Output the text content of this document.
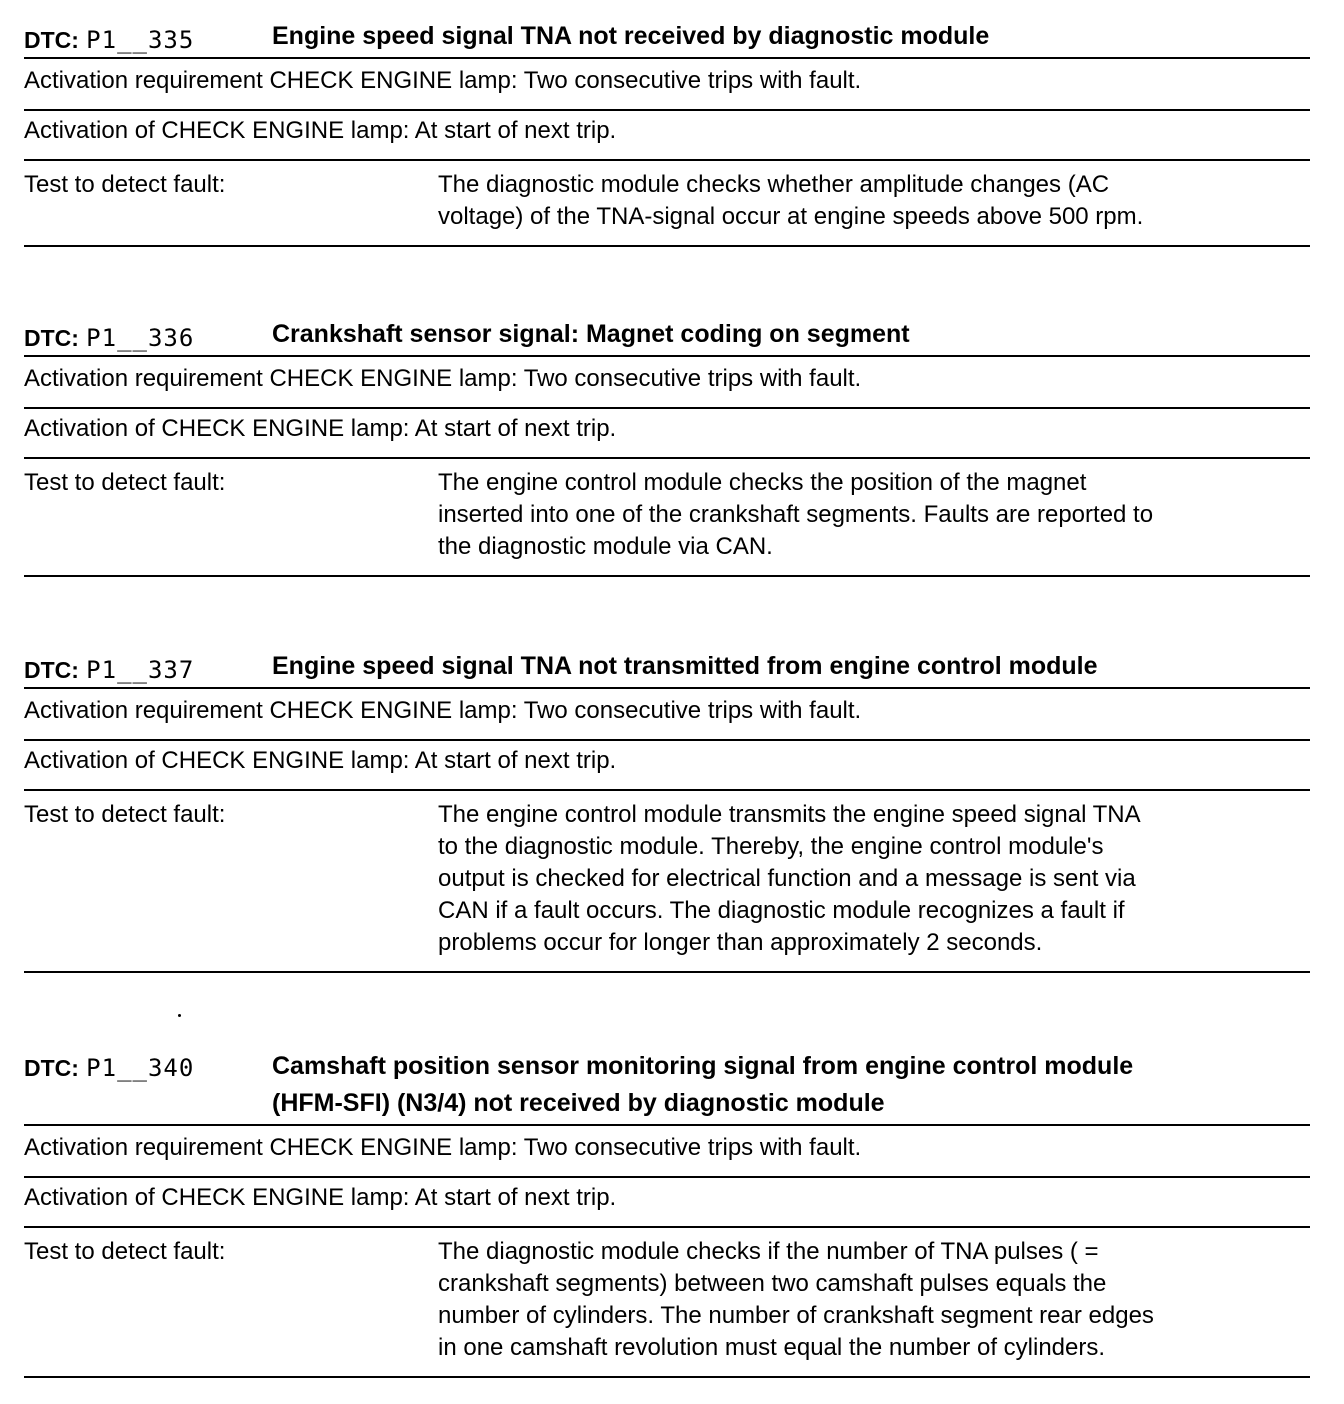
DTC: P1__335	Engine speed signal TNA not received by diagnostic module
Activation requirement CHECK ENGINE lamp: Two consecutive trips with fault.
Activation of CHECK ENGINE lamp: At start of next trip.
Test to detect fault:	The diagnostic module checks whether amplitude changes (AC
voltage) of the TNA-signal occur at engine speeds above 500 rpm.
DTC: P1__336	Crankshaft sensor signal: Magnet coding on segment
Activation requirement CHECK ENGINE lamp: Two consecutive trips with fault.
Activation of CHECK ENGINE lamp: At start of next trip.
Test to detect fault:	The engine control module checks the position of the magnet
inserted into one of the crankshaft segments. Faults are reported to
the diagnostic module via CAN.
DTC: P1__337	Engine speed signal TNA not transmitted from engine control module
Activation requirement CHECK ENGINE lamp: Two consecutive trips with fault.
Activation of CHECK ENGINE lamp: At start of next trip.
Test to detect fault:	The engine control module transmits the engine speed signal TNA
to the diagnostic module. Thereby, the engine control module's
output is checked for electrical function and a message is sent via
CAN if a fault occurs. The diagnostic module recognizes a fault if
problems occur for longer than approximately 2 seconds.
DTC: P1__340	Camshaft position sensor monitoring signal from engine control module
(HFM-SFI) (N3/4) not received by diagnostic module
Activation requirement CHECK ENGINE lamp: Two consecutive trips with fault.
Activation of CHECK ENGINE lamp: At start of next trip.
Test to detect fault:	The diagnostic module checks if the number of TNA pulses ( =
crankshaft segments) between two camshaft pulses equals the
number of cylinders. The number of crankshaft segment rear edges
in one camshaft revolution must equal the number of cylinders.
